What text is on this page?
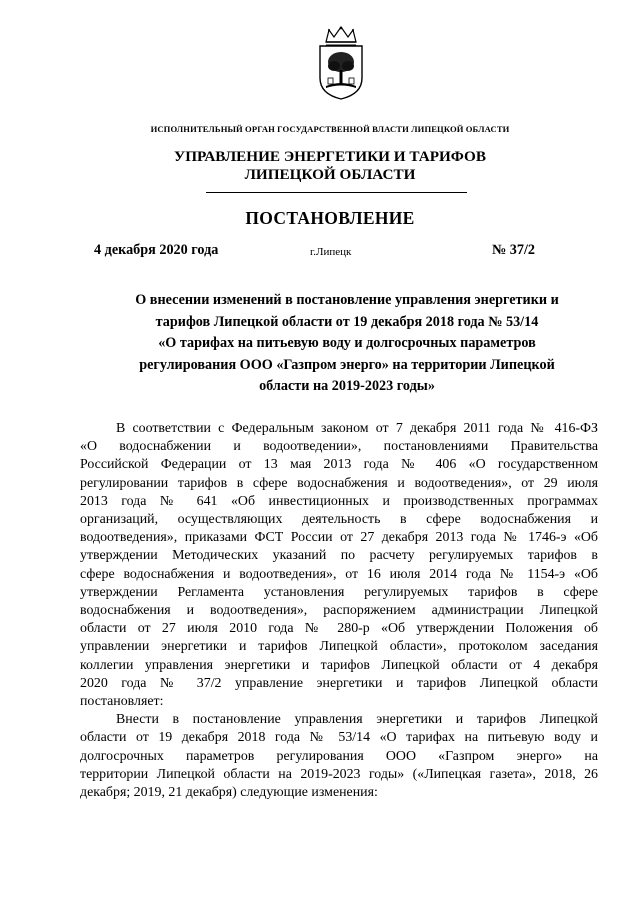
ИСПОЛНИТЕЛЬНЫЙ ОРГАН ГОСУДАРСТВЕННОЙ ВЛАСТИ ЛИПЕЦКОЙ ОБЛАСТИ
УПРАВЛЕНИЕ ЭНЕРГЕТИКИ И ТАРИФОВ
ЛИПЕЦКОЙ ОБЛАСТИ
ПОСТАНОВЛЕНИЕ
4 декабря 2020 года	г.Липецк	№ 37/2
О внесении изменений в постановление управления энергетики и
тарифов Липецкой области от 19 декабря 2018 года № 53/14
«О тарифах на питьевую воду и долгосрочных параметров
регулирования ООО «Газпром энерго» на территории Липецкой
области на 2019-2023 годы»
В соответствии с Федеральным законом от 7 декабря 2011 года № 416-ФЗ
«О водоснабжении и водоотведении», постановлениями Правительства
Российской Федерации от 13 мая 2013 года № 406 «О государственном
регулировании тарифов в сфере водоснабжения и водоотведения», от 29 июля
2013 года № 641 «Об инвестиционных и производственных программах
организаций, осуществляющих деятельность в сфере водоснабжения и
водоотведения», приказами ФСТ России от 27 декабря 2013 года № 1746-э «Об
утверждении Методических указаний по расчету регулируемых тарифов в
сфере водоснабжения и водоотведения», от 16 июля 2014 года № 1154-э «Об
утверждении Регламента установления регулируемых тарифов в сфере
водоснабжения и водоотведения», распоряжением администрации Липецкой
области от 27 июля 2010 года № 280-р «Об утверждении Положения об
управлении энергетики и тарифов Липецкой области», протоколом заседания
коллегии управления энергетики и тарифов Липецкой области от 4 декабря
2020 года № 37/2 управление энергетики и тарифов Липецкой области
постановляет:
Внести в постановление управления энергетики и тарифов Липецкой
области от 19 декабря 2018 года № 53/14 «О тарифах на питьевую воду и
долгосрочных параметров регулирования ООО «Газпром энерго» на
территории Липецкой области на 2019-2023 годы» («Липецкая газета», 2018, 26
декабря; 2019, 21 декабря) следующие изменения:
